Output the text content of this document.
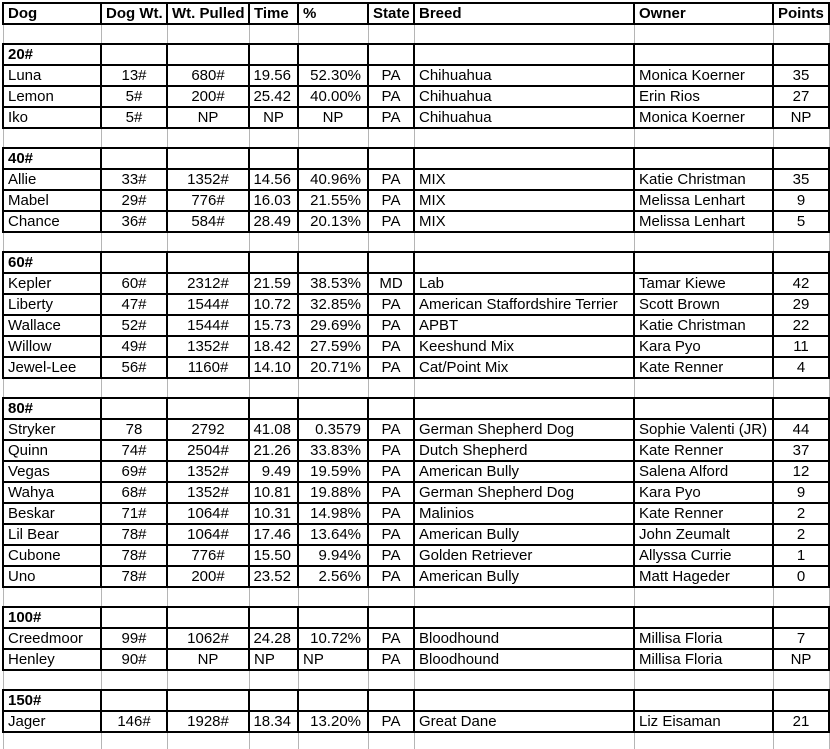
Dog	Dog Wt.	Wt. Pulled	Time	%	State	Breed	Owner	Points

20#								
Luna	13#	680#	19.56	52.30%	PA	Chihuahua	Monica Koerner	35
Lemon	5#	200#	25.42	40.00%	PA	Chihuahua	Erin Rios	27
Iko	5#	NP	NP	NP	PA	Chihuahua	Monica Koerner	NP

40#								
Allie	33#	1352#	14.56	40.96%	PA	MIX	Katie Christman	35
Mabel	29#	776#	16.03	21.55%	PA	MIX	Melissa Lenhart	9
Chance	36#	584#	28.49	20.13%	PA	MIX	Melissa Lenhart	5

60#								
Kepler	60#	2312#	21.59	38.53%	MD	Lab	Tamar Kiewe	42
Liberty	47#	1544#	10.72	32.85%	PA	American Staffordshire Terrier	Scott Brown	29
Wallace	52#	1544#	15.73	29.69%	PA	APBT	Katie Christman	22
Willow	49#	1352#	18.42	27.59%	PA	Keeshund Mix	Kara Pyo	11
Jewel-Lee	56#	1160#	14.10	20.71%	PA	Cat/Point Mix	Kate Renner	4

80#								
Stryker	78	2792	41.08	0.3579	PA	German Shepherd Dog	Sophie Valenti (JR)	44
Quinn	74#	2504#	21.26	33.83%	PA	Dutch Shepherd	Kate Renner	37
Vegas	69#	1352#	9.49	19.59%	PA	American Bully	Salena Alford	12
Wahya	68#	1352#	10.81	19.88%	PA	German Shepherd Dog	Kara Pyo	9
Beskar	71#	1064#	10.31	14.98%	PA	Malinios	Kate Renner	2
Lil Bear	78#	1064#	17.46	13.64%	PA	American Bully	John Zeumalt	2
Cubone	78#	776#	15.50	9.94%	PA	Golden Retriever	Allyssa Currie	1
Uno	78#	200#	23.52	2.56%	PA	American Bully	Matt Hageder	0

100#								
Creedmoor	99#	1062#	24.28	10.72%	PA	Bloodhound	Millisa Floria	7
Henley	90#	NP	NP	NP	PA	Bloodhound	Millisa Floria	NP

150#								
Jager	146#	1928#	18.34	13.20%	PA	Great Dane	Liz Eisaman	21
